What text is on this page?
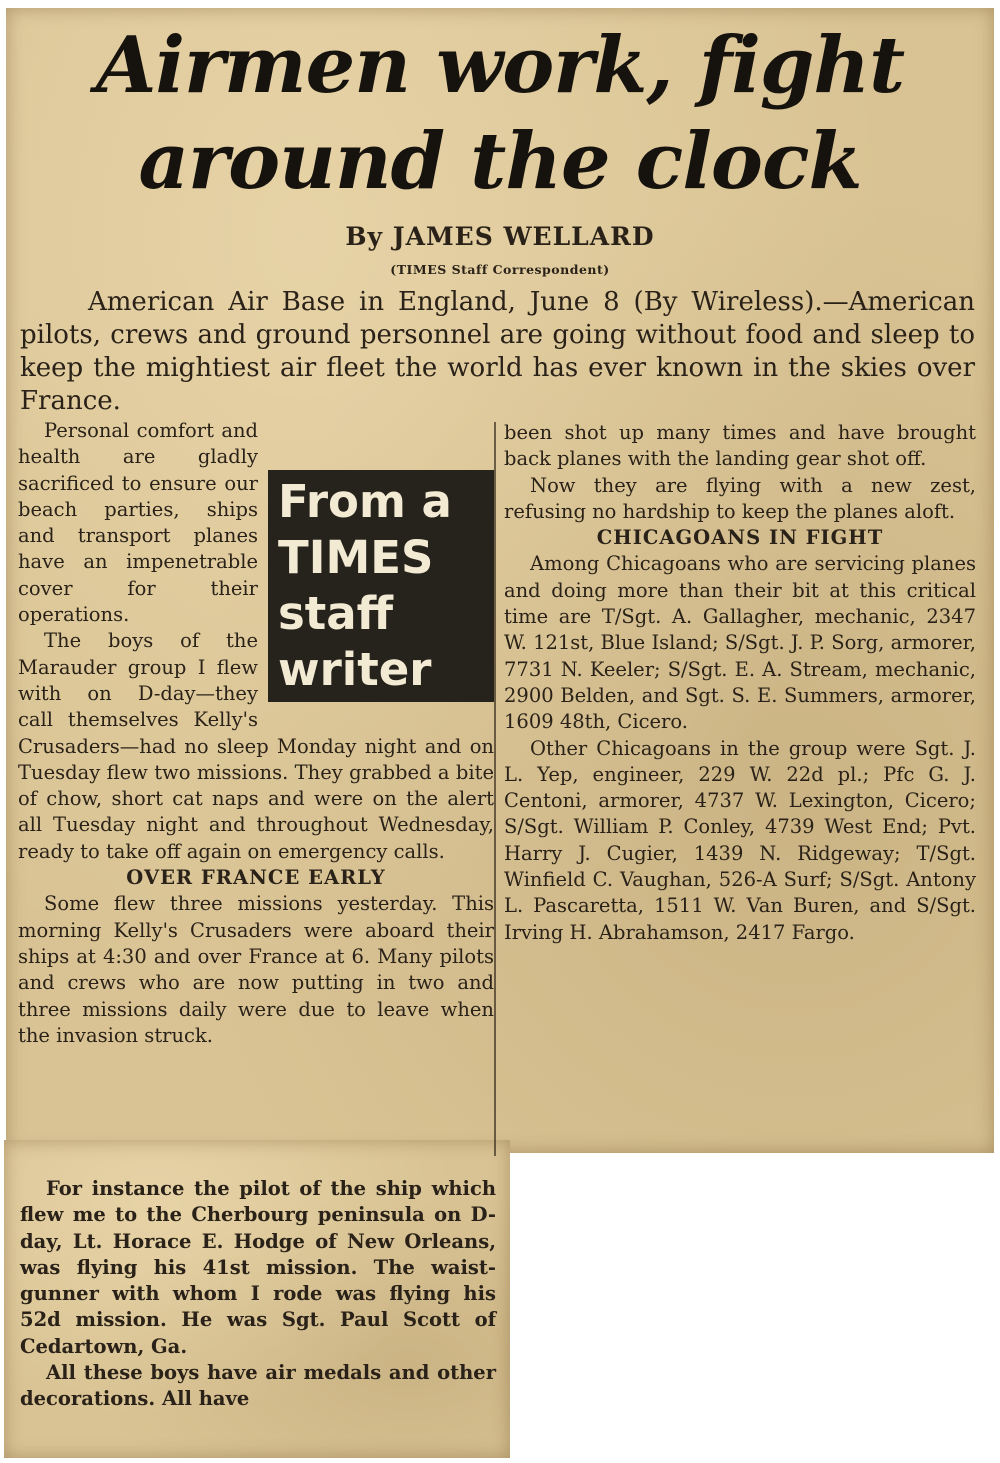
Airmen work, fight
around the clock
By JAMES WELLARD
(TIMES Staff Correspondent)

American Air Base in England, June 8 (By Wireless).—American pilots, crews and ground personnel are going without food and sleep to keep the mightiest air fleet the world has ever known in the skies over France.

From a
TIMES
staff
writer
Personal comfort and health are gladly sacrificed to ensure our beach parties, ships and transport planes have an impenetrable cover for their operations.

The boys of the Marauder group I flew with on D-day—they call themselves Kelly's Crusaders—had no sleep Monday night and on Tuesday flew two missions. They grabbed a bite of chow, short cat naps and were on the alert all Tuesday night and throughout Wednesday, ready to take off again on emergency calls.

OVER FRANCE EARLY

Some flew three missions yesterday. This morning Kelly's Crusaders were aboard their ships at 4:30 and over France at 6. Many pilots and crews who are now putting in two and three missions daily were due to leave when the invasion struck.

For instance the pilot of the ship which flew me to the Cherbourg peninsula on D-day, Lt. Horace E. Hodge of New Orleans, was flying his 41st mission. The waist-gunner with whom I rode was flying his 52d mission. He was Sgt. Paul Scott of Cedartown, Ga.

All these boys have air medals and other decorations. All have

been shot up many times and have brought back planes with the landing gear shot off.

Now they are flying with a new zest, refusing no hardship to keep the planes aloft.

CHICAGOANS IN FIGHT

Among Chicagoans who are servicing planes and doing more than their bit at this critical time are T/Sgt. A. Gallagher, mechanic, 2347 W. 121st, Blue Island; S/Sgt. J. P. Sorg, armorer, 7731 N. Keeler; S/Sgt. E. A. Stream, mechanic, 2900 Belden, and Sgt. S. E. Summers, armorer, 1609 48th, Cicero.

Other Chicagoans in the group were Sgt. J. L. Yep, engineer, 229 W. 22d pl.; Pfc G. J. Centoni, armorer, 4737 W. Lexington, Cicero; S/Sgt. William P. Conley, 4739 West End; Pvt. Harry J. Cugier, 1439 N. Ridgeway; T/Sgt. Winfield C. Vaughan, 526-A Surf; S/Sgt. Antony L. Pascaretta, 1511 W. Van Buren, and S/Sgt. Irving H. Abrahamson, 2417 Fargo.
